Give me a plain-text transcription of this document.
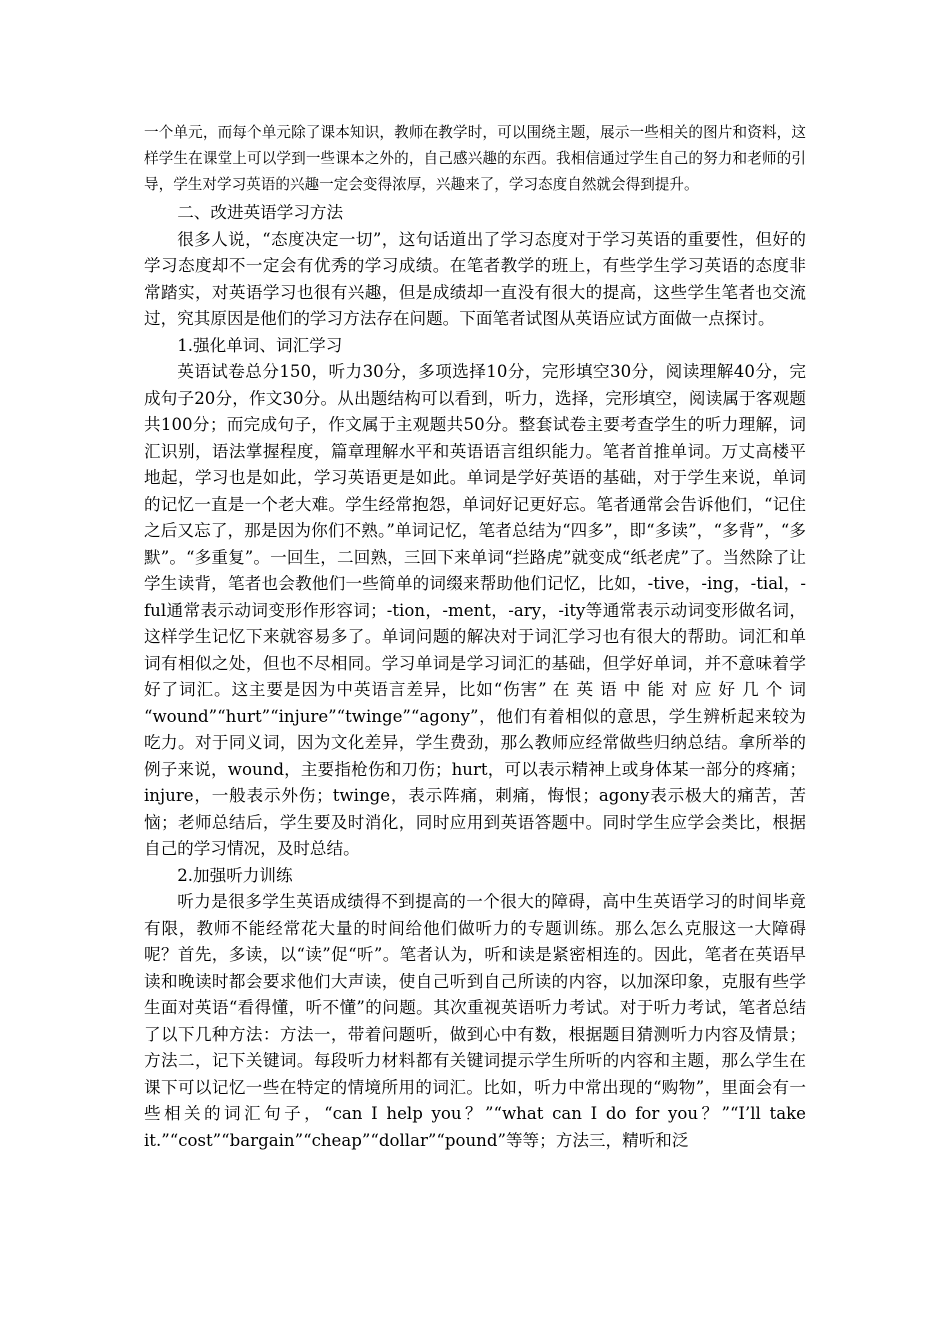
一个单元，而每个单元除了课本知识，教师在教学时，可以围绕主题，展示一些相关的图片和资料，这样学生在课堂上可以学到一些课本之外的，自己感兴趣的东西。我相信通过学生自己的努力和老师的引导，学生对学习英语的兴趣一定会变得浓厚，兴趣来了，学习态度自然就会得到提升。

二、改进英语学习方法

很多人说，“态度决定一切”，这句话道出了学习态度对于学习英语的重要性，但好的学习态度却不一定会有优秀的学习成绩。在笔者教学的班上，有些学生学习英语的态度非常踏实，对英语学习也很有兴趣，但是成绩却一直没有很大的提高，这些学生笔者也交流过，究其原因是他们的学习方法存在问题。下面笔者试图从英语应试方面做一点探讨。

1.强化单词、词汇学习

英语试卷总分150，听力30分，多项选择10分，完形填空30分，阅读理解40分，完成句子20分，作文30分。从出题结构可以看到，听力，选择，完形填空，阅读属于客观题共100分；而完成句子，作文属于主观题共50分。整套试卷主要考查学生的听力理解，词汇识别，语法掌握程度，篇章理解水平和英语语言组织能力。笔者首推单词。万丈高楼平地起，学习也是如此，学习英语更是如此。单词是学好英语的基础，对于学生来说，单词的记忆一直是一个老大难。学生经常抱怨，单词好记更好忘。笔者通常会告诉他们，“记住之后又忘了，那是因为你们不熟。”单词记忆，笔者总结为“四多”，即“多读”，“多背”，“多默”。“多重复”。一回生，二回熟，三回下来单词“拦路虎”就变成“纸老虎”了。当然除了让学生读背，笔者也会教他们一些简单的词缀来帮助他们记忆，比如，-tive，-ing，-tial，-ful通常表示动词变形作形容词；-tion，-ment，-ary，-ity等通常表示动词变形做名词，这样学生记忆下来就容易多了。单词问题的解决对于词汇学习也有很大的帮助。词汇和单词有相似之处，但也不尽相同。学习单词是学习词汇的基础，但学好单词，并不意味着学好了词汇。这主要是因为中英语言差异，比如“伤害” 在 英 语 中 能 对 应 好 几 个 词 “wound”“hurt”“injure”“twinge”“agony”，他们有着相似的意思，学生辨析起来较为吃力。对于同义词，因为文化差异，学生费劲，那么教师应经常做些归纳总结。拿所举的例子来说，wound，主要指枪伤和刀伤；hurt，可以表示精神上或身体某一部分的疼痛；injure，一般表示外伤；twinge，表示阵痛，刺痛，悔恨；agony表示极大的痛苦，苦恼；老师总结后，学生要及时消化，同时应用到英语答题中。同时学生应学会类比，根据自己的学习情况，及时总结。

2.加强听力训练

听力是很多学生英语成绩得不到提高的一个很大的障碍，高中生英语学习的时间毕竟有限，教师不能经常花大量的时间给他们做听力的专题训练。那么怎么克服这一大障碍呢？首先，多读，以“读”促“听”。笔者认为，听和读是紧密相连的。因此，笔者在英语早读和晚读时都会要求他们大声读，使自己听到自己所读的内容，以加深印象，克服有些学生面对英语“看得懂，听不懂”的问题。其次重视英语听力考试。对于听力考试，笔者总结了以下几种方法：方法一，带着问题听，做到心中有数，根据题目猜测听力内容及情景；方法二，记下关键词。每段听力材料都有关键词提示学生所听的内容和主题，那么学生在课下可以记忆一些在特定的情境所用的词汇。比如，听力中常出现的“购物”，里面会有一些相关的词汇句子，“can I help you？”“what can I do for you？”“I’ll take it.”“cost”“bargain”“cheap”“dollar”“pound”等等；方法三，精听和泛
